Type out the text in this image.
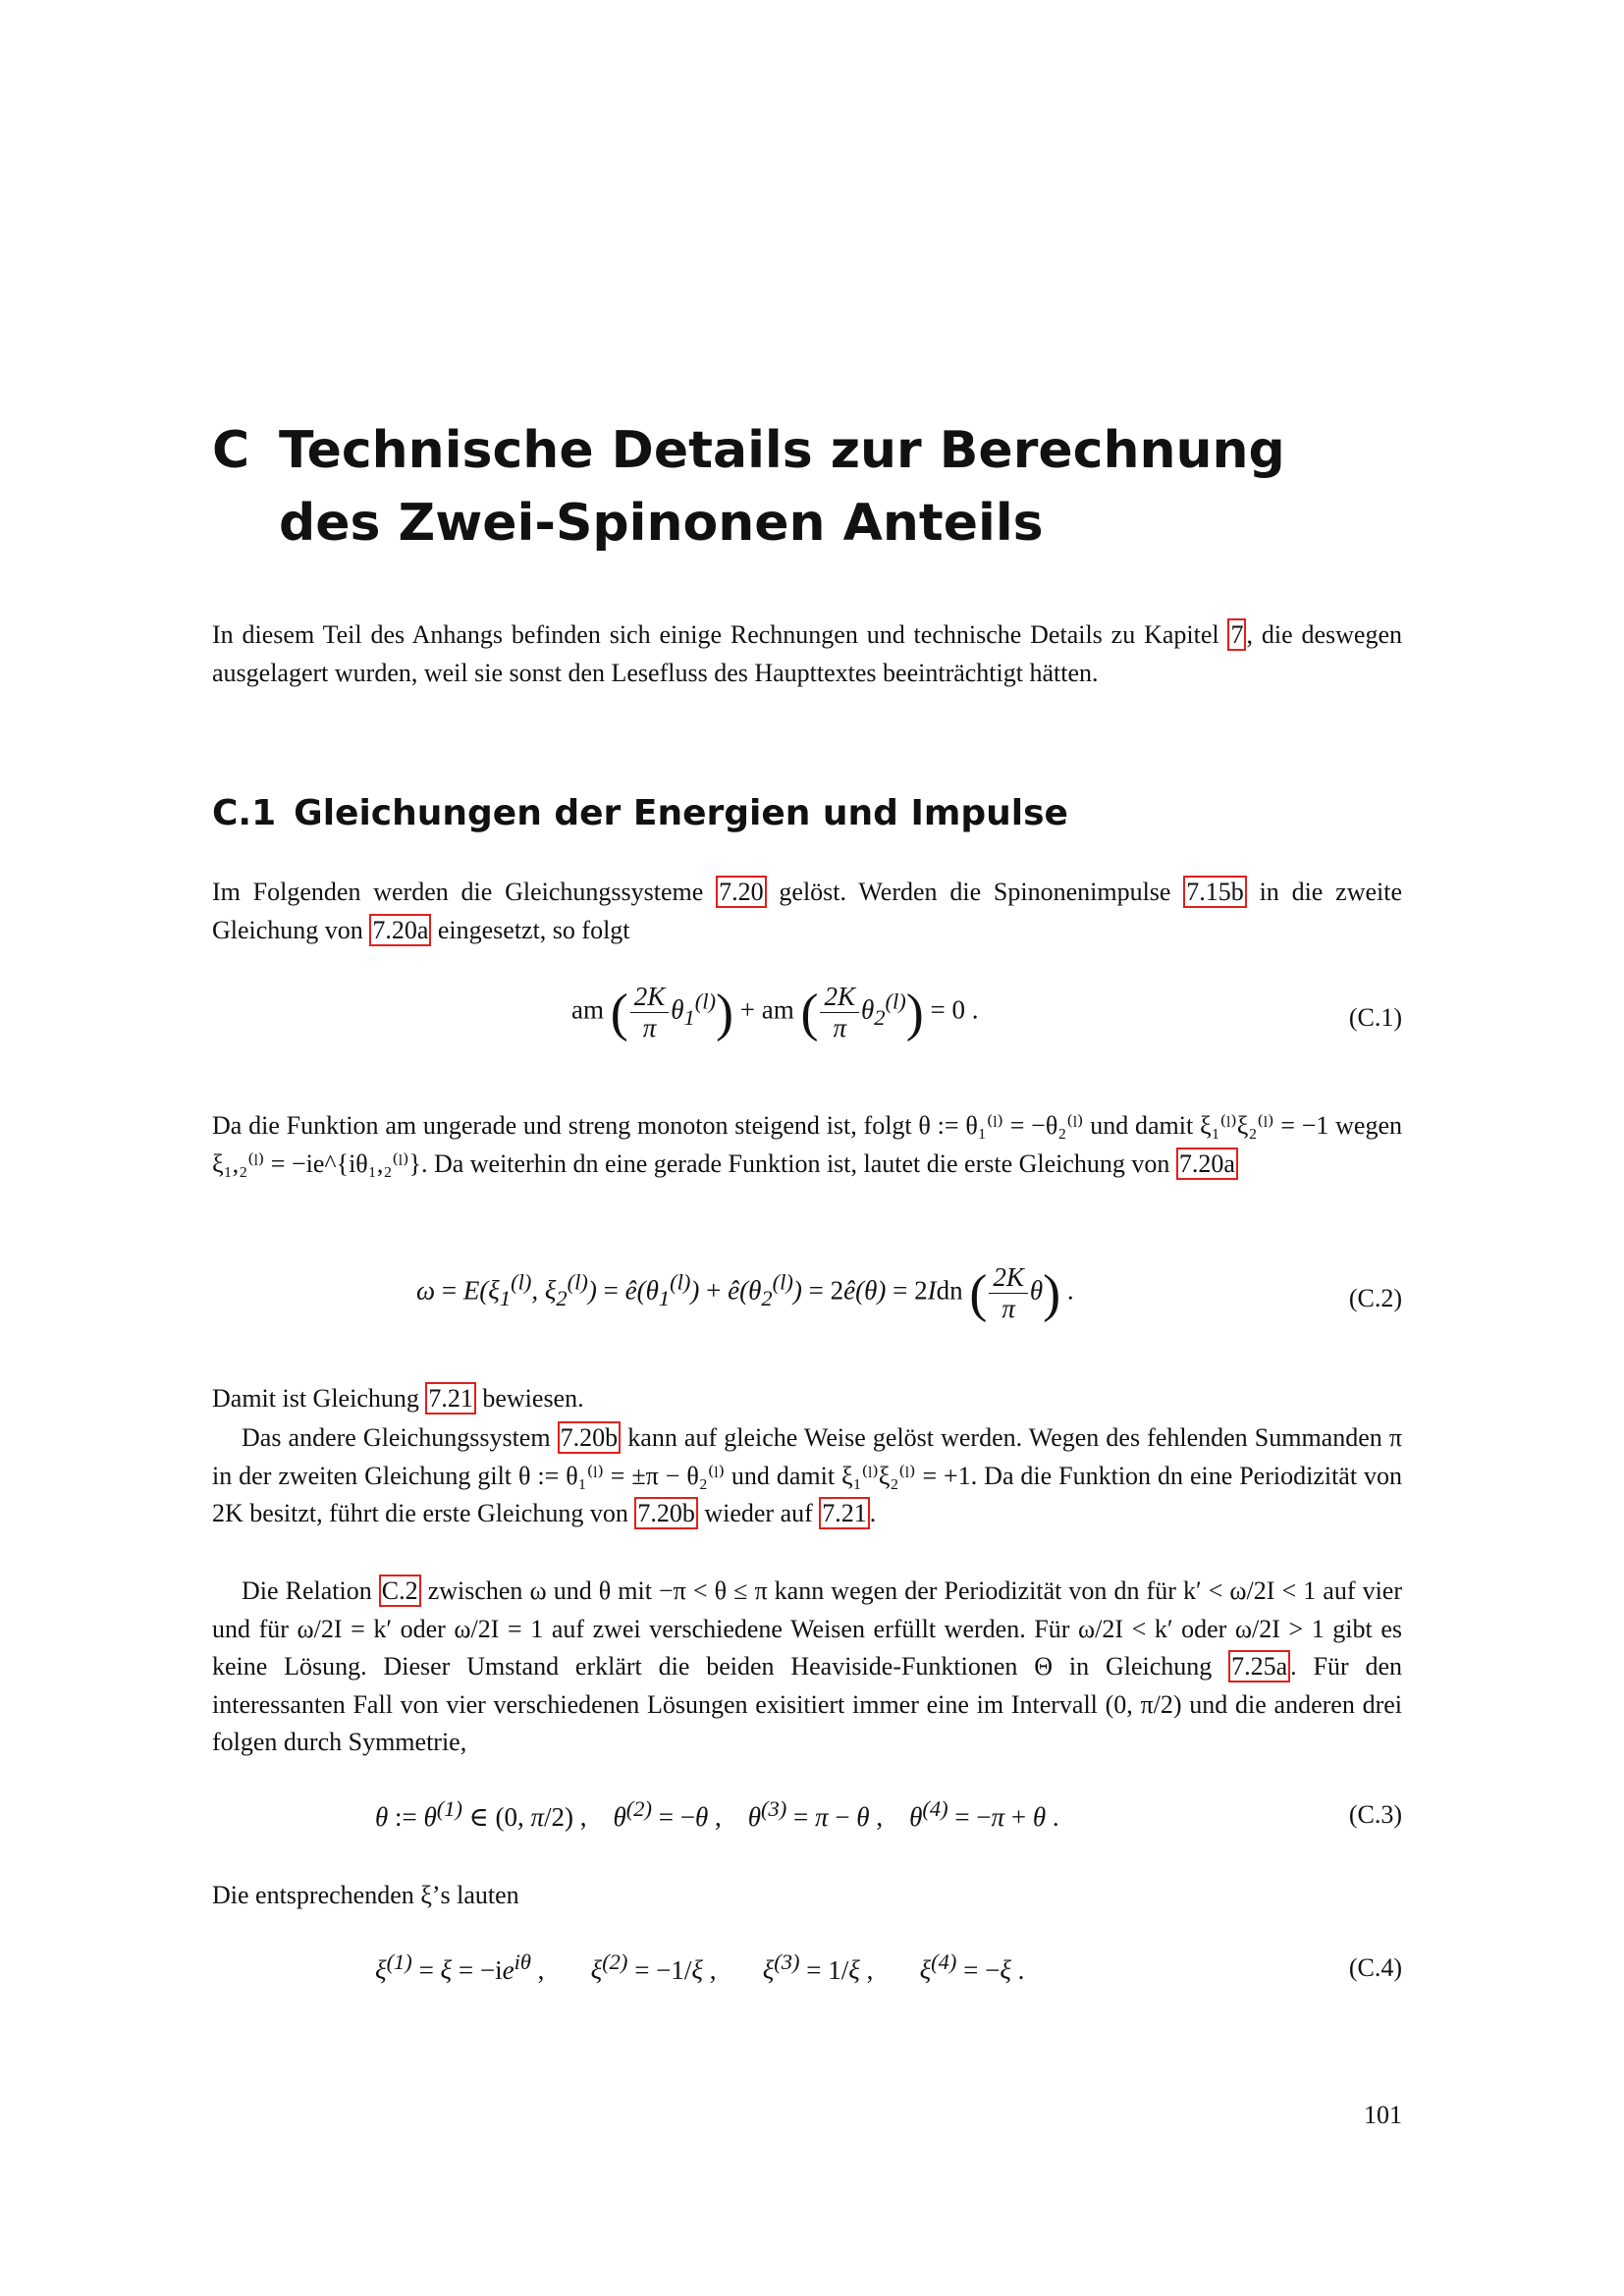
C Technische Details zur Berechnung des Zwei-Spinonen Anteils
In diesem Teil des Anhangs befinden sich einige Rechnungen und technische Details zu Kapitel 7 , die deswegen ausgelagert wurden, weil sie sonst den Lesefluss des Haupttextes beeinträchtigt hätten.
C.1 Gleichungen der Energien und Impulse
Im Folgenden werden die Gleichungssysteme 7.20 gelöst. Werden die Spinonenimpulse 7.15b in die zweite Gleichung von 7.20a eingesetzt, so folgt
am ( $\frac{2K}{\pi} \theta_1^{(l)}$) + am ( $\frac{2K}{\pi} \theta_2^{(l)}) = 0$ .	(C.1)
Da die Funktion am ungerade und streng monoton steigend ist, folgt θ := θ₁⁽ˡ⁾ = −θ₂⁽ˡ⁾ und damit ξ₁⁽ˡ⁾ξ₂⁽ˡ⁾ = −1 wegen ξ₁,₂⁽ˡ⁾ = −ie^{iθ₁,₂⁽ˡ⁾}. Da weiterhin dn eine gerade Funktion ist, lautet die erste Gleichung von 7.20a
$\omega = E(\xi_1^{(l)}$, $\xi_2^{(l)}$) = $ê(\theta_1^{(l)})$ + $ê(\theta_2^{(l)})$ = 2ê(θ) = 2Idn ( $\frac{2K}{\pi} \theta$) .	(C.2)
Damit ist Gleichung 7.21 bewiesen.
Das andere Gleichungssystem 7.20b kann auf gleiche Weise gelöst werden. Wegen des fehlenden Summanden π in der zweiten Gleichung gilt θ := θ₁⁽ˡ⁾ = ±π − θ₂⁽ˡ⁾ und damit ξ₁⁽ˡ⁾ξ₂⁽ˡ⁾ = +1. Da die Funktion dn eine Periodizität von 2K besitzt, führt die erste Gleichung von 7.20b wieder auf 7.21 .
Die Relation C.2 zwischen ω und θ mit −π < θ ≤ π kann wegen der Periodizität von dn für k′ < ω/2I < 1 auf vier und für ω/2I = k′ oder ω/2I = 1 auf zwei verschiedene Weisen erfüllt werden. Für ω/2I < k′ oder ω/2I > 1 gibt es keine Lösung. Dieser Umstand erklärt die beiden Heaviside-Funktionen Θ in Gleichung 7.25a . Für den interessanten Fall von vier verschiedenen Lösungen exisitiert immer eine im Intervall (0, π/2) und die anderen drei folgen durch Symmetrie,
θ := $\theta^{(1)}$ ∈ (0, π/2) ,    $\theta^{(2)} = -\theta$ ,    $\theta^{(3)} = \pi - \theta$ ,    $\theta^{(4)} = -\pi + \theta$ .	(C.3)
Die entsprechenden ξ’s lauten
$\xi^{(1)} = \xi = -ie^{i\theta}$ ,       $\xi^{(2)} = -1/\xi$ ,       $\xi^{(3)} = 1/\xi$ ,       $\xi^{(4)} = -\xi$ .	(C.4)
101
